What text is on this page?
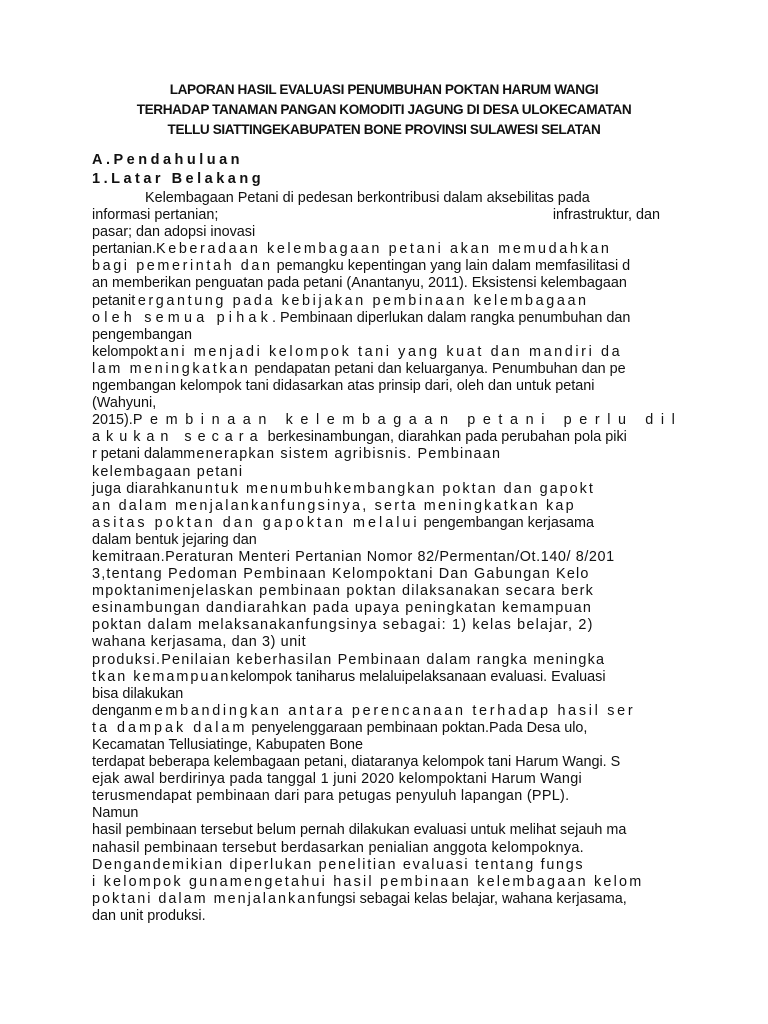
LAPORAN HASIL EVALUASI PENUMBUHAN POKTAN HARUM WANGI
TERHADAP TANAMAN PANGAN KOMODITI JAGUNG DI DESA ULOKECAMATAN
TELLU SIATTINGEKABUPATEN BONE PROVINSI SULAWESI SELATAN
A.Pendahuluan
1.Latar Belakang
Kelembagaan Petani di pedesan berkontribusi dalam aksebilitas pada
informasi pertanian;	infrastruktur, dan
pasar; dan adopsi inovasi
pertanian.Keberadaan kelembagaan petani akan memudahkan
bagi pemerintah dan pemangku kepentingan yang lain dalam memfasilitasi d
an memberikan penguatan pada petani (Anantanyu, 2011). Eksistensi kelembagaan
petanitergantung pada kebijakan pembinaan kelembagaan
oleh semua pihak. Pembinaan diperlukan dalam rangka penumbuhan dan
pengembangan
kelompoktani menjadi kelompok tani yang kuat dan mandiri da
lam meningkatkan pendapatan petani dan keluarganya. Penumbuhan dan pe
ngembangan kelompok tani didasarkan atas prinsip dari, oleh dan untuk petani
(Wahyuni,
2015).Pembinaan kelembagaan petani perlu dil
akukan secara berkesinambungan, diarahkan pada perubahan pola piki
r petani dalammenerapkan sistem agribisnis. Pembinaan
kelembagaan petani
juga diarahkanuntuk menumbuhkembangkan poktan dan gapokt
an dalam menjalankanfungsinya, serta meningkatkan kap
asitas poktan dan gapoktan melalui pengembangan kerjasama
dalam bentuk jejaring dan
kemitraan.Peraturan Menteri Pertanian Nomor 82/Permentan/Ot.140/ 8/201
3,tentang Pedoman Pembinaan Kelompoktani Dan Gabungan Kelo
mpoktanimenjelaskan pembinaan poktan dilaksanakan secara berk
esinambungan dandiarahkan pada upaya peningkatan kemampuan
poktan dalam melaksanakanfungsinya sebagai: 1) kelas belajar, 2)
wahana kerjasama, dan 3) unit
produksi.Penilaian keberhasilan Pembinaan dalam rangka meningka
tkan kemampuankelompok taniharus melaluipelaksanaan evaluasi. Evaluasi
bisa dilakukan
denganmembandingkan antara perencanaan terhadap hasil ser
ta dampak dalam penyelenggaraan pembinaan poktan.Pada Desa ulo,
Kecamatan Tellusiatinge, Kabupaten Bone
terdapat beberapa kelembagaan petani, diataranya kelompok tani Harum Wangi. S
ejak awal berdirinya pada tanggal 1 juni 2020 kelompoktani Harum Wangi
terusmendapat pembinaan dari para petugas penyuluh lapangan (PPL).
Namun
hasil pembinaan tersebut belum pernah dilakukan evaluasi untuk melihat sejauh ma
nahasil pembinaan tersebut berdasarkan penialian anggota kelompoknya.
Dengandemikian diperlukan penelitian evaluasi tentang fungs
i kelompok gunamengetahui hasil pembinaan kelembagaan kelom
poktani dalam menjalankanfungsi sebagai kelas belajar, wahana kerjasama,
dan unit produksi.
